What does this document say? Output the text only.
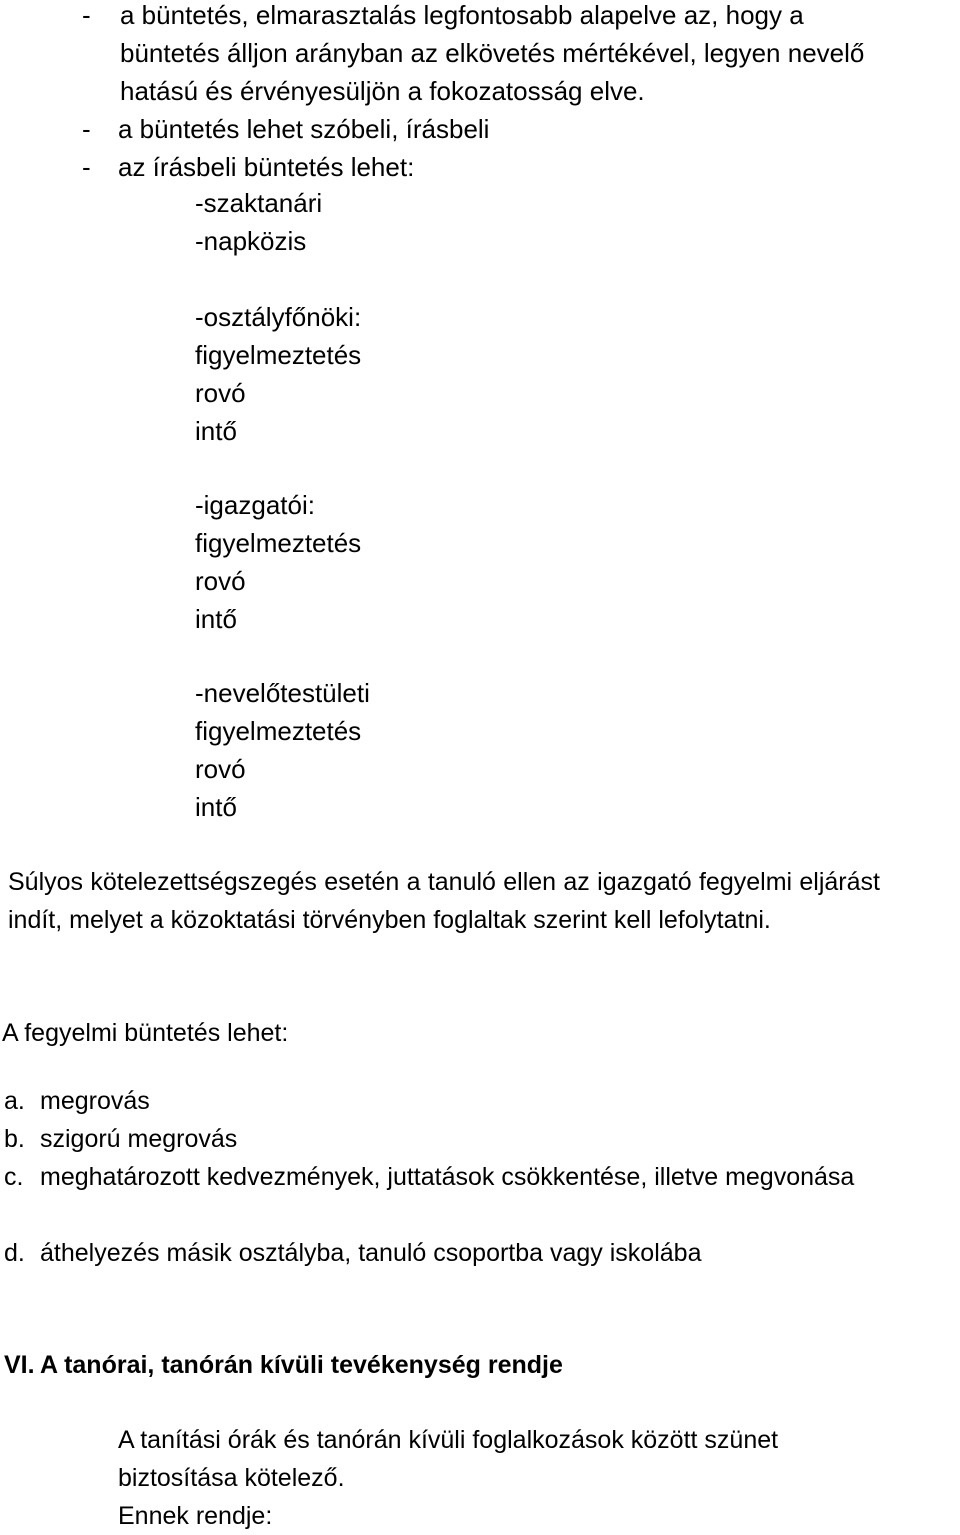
- a büntetés, elmarasztalás legfontosabb alapelve az, hogy a
büntetés álljon arányban az elkövetés mértékével, legyen nevelő
hatású és érvényesüljön a fokozatosság elve.
- a büntetés lehet szóbeli, írásbeli
- az írásbeli büntetés lehet:
-szaktanári
-napközis
-osztályfőnöki:
figyelmeztetés
rovó
intő
-igazgatói:
figyelmeztetés
rovó
intő
-nevelőtestületi
figyelmeztetés
rovó
intő
Súlyos kötelezettségszegés esetén a tanuló ellen az igazgató fegyelmi eljárást indít, melyet a közoktatási törvényben foglaltak szerint kell lefolytatni.
A fegyelmi büntetés lehet:
a. megrovás
b. szigorú megrovás
c. meghatározott kedvezmények, juttatások csökkentése, illetve megvonása
d. áthelyezés másik osztályba, tanuló csoportba vagy iskolába
VI. A tanórai, tanórán kívüli tevékenység rendje
A tanítási órák és tanórán kívüli foglalkozások között szünet
biztosítása kötelező.
Ennek rendje:
